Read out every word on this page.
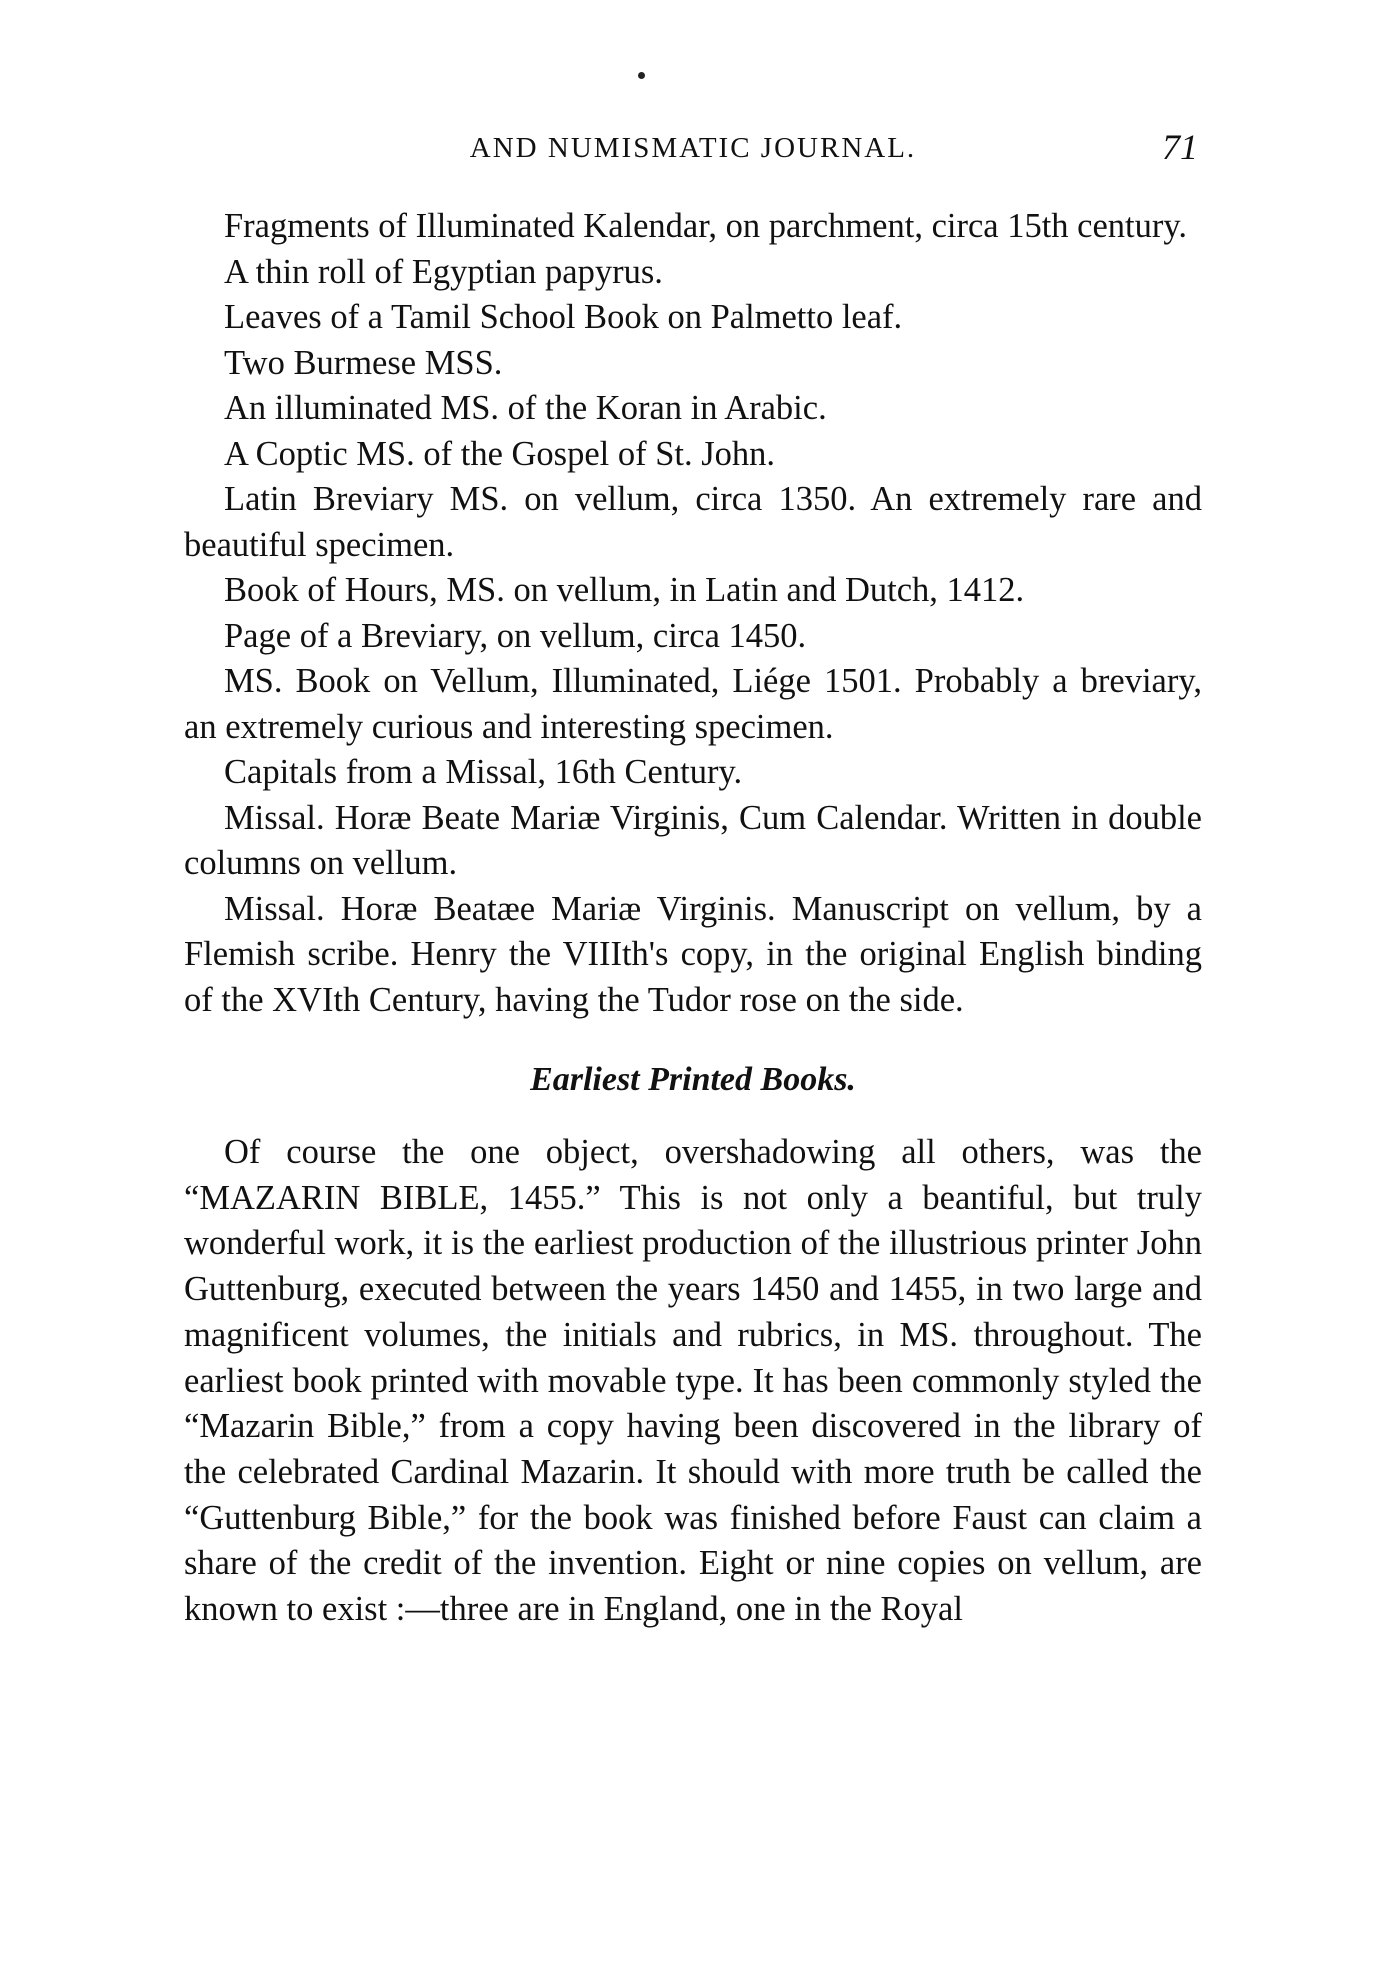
AND NUMISMATIC JOURNAL.	71
Fragments of Illuminated Kalendar, on parchment, circa 15th century.
A thin roll of Egyptian papyrus.
Leaves of a Tamil School Book on Palmetto leaf.
Two Burmese MSS.
An illuminated MS. of the Koran in Arabic.
A Coptic MS. of the Gospel of St. John.
Latin Breviary MS. on vellum, circa 1350. An extremely rare and beautiful specimen.
Book of Hours, MS. on vellum, in Latin and Dutch, 1412.
Page of a Breviary, on vellum, circa 1450.
MS. Book on Vellum, Illuminated, Liége 1501. Probably a breviary, an extremely curious and interesting specimen.
Capitals from a Missal, 16th Century.
Missal. Horæ Beate Mariæ Virginis, Cum Calendar. Written in double columns on vellum.
Missal. Horæ Beatæe Mariæ Virginis. Manuscript on vellum, by a Flemish scribe. Henry the VIIIth's copy, in the original English binding of the XVIth Century, having the Tudor rose on the side.
Earliest Printed Books.

Of course the one object, overshadowing all others, was the “MAZARIN BIBLE, 1455.” This is not only a beantiful, but truly wonderful work, it is the earliest production of the illustrious printer John Guttenburg, executed between the years 1450 and 1455, in two large and magnificent volumes, the initials and rubrics, in MS. throughout. The earliest book printed with movable type. It has been commonly styled the “Mazarin Bible,” from a copy having been discovered in the library of the celebrated Cardinal Mazarin. It should with more truth be called the “Guttenburg Bible,” for the book was finished before Faust can claim a share of the credit of the invention. Eight or nine copies on vellum, are known to exist :—three are in England, one in the Royal
